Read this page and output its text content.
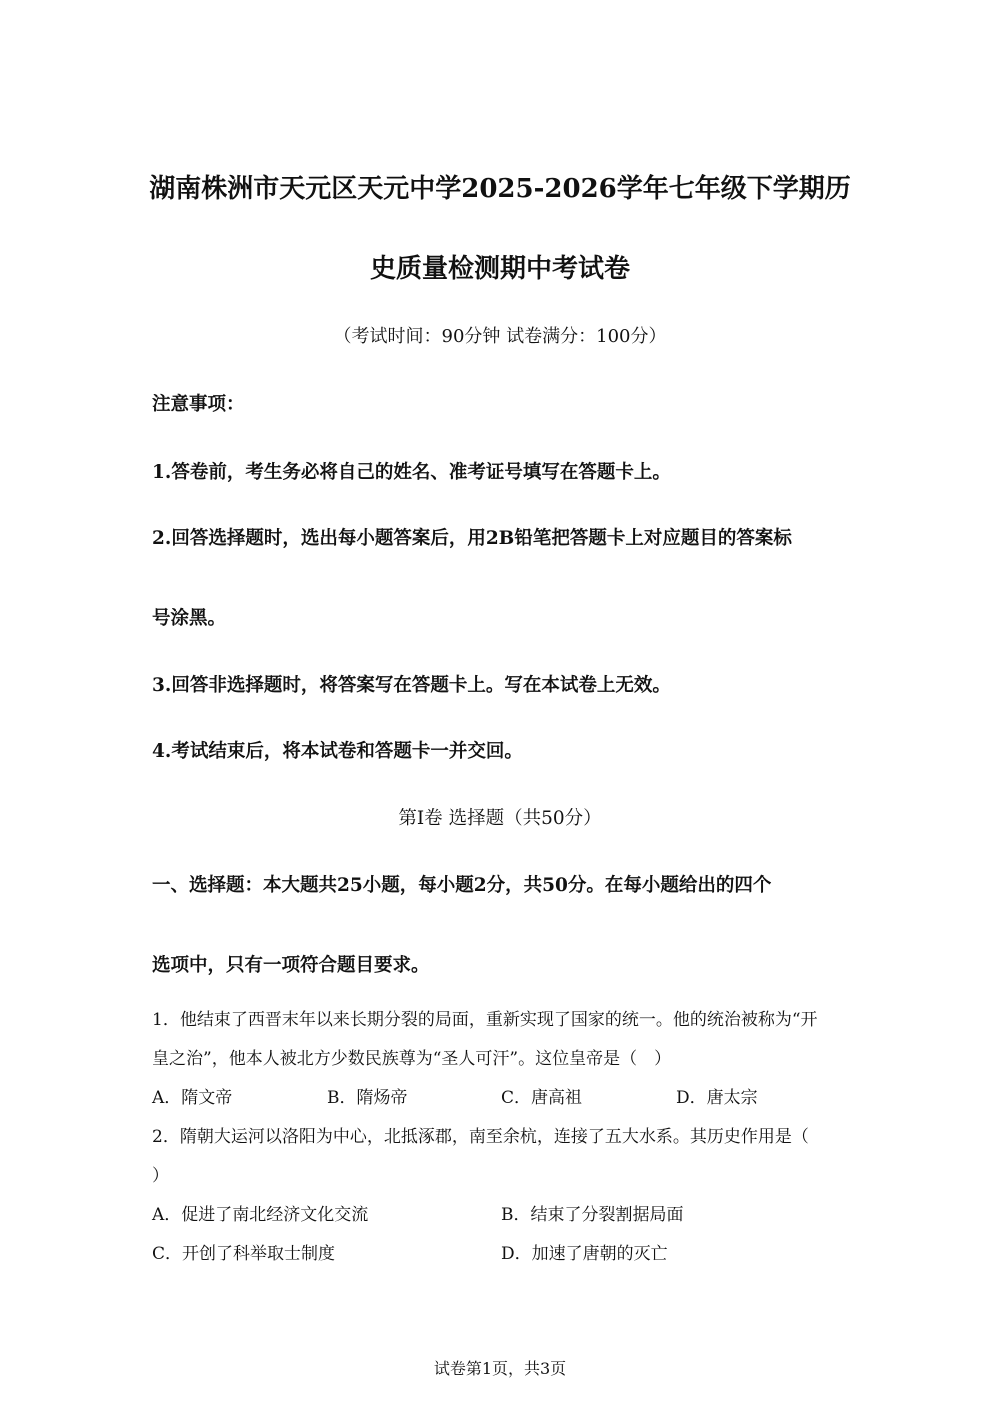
湖南株洲市天元区天元中学2025-2026学年七年级下学期历
史质量检测期中考试卷
（考试时间：90分钟 试卷满分：100分）
注意事项：
1.答卷前，考生务必将自己的姓名、准考证号填写在答题卡上。
2.回答选择题时，选出每小题答案后，用2B铅笔把答题卡上对应题目的答案标
号涂黑。
3.回答非选择题时，将答案写在答题卡上。写在本试卷上无效。
4.考试结束后，将本试卷和答题卡一并交回。
第Ⅰ卷 选择题（共50分）
一、选择题：本大题共25小题，每小题2分，共50分。在每小题给出的四个
选项中，只有一项符合题目要求。
1．他结束了西晋末年以来长期分裂的局面，重新实现了国家的统一。他的统治被称为“开
皇之治”，他本人被北方少数民族尊为“圣人可汗”。这位皇帝是（　）
A．隋文帝	B．隋炀帝	C．唐高祖	D．唐太宗
2．隋朝大运河以洛阳为中心，北抵涿郡，南至余杭，连接了五大水系。其历史作用是（
）
A．促进了南北经济文化交流	B．结束了分裂割据局面
C．开创了科举取士制度	D．加速了唐朝的灭亡
试卷第1页，共3页
